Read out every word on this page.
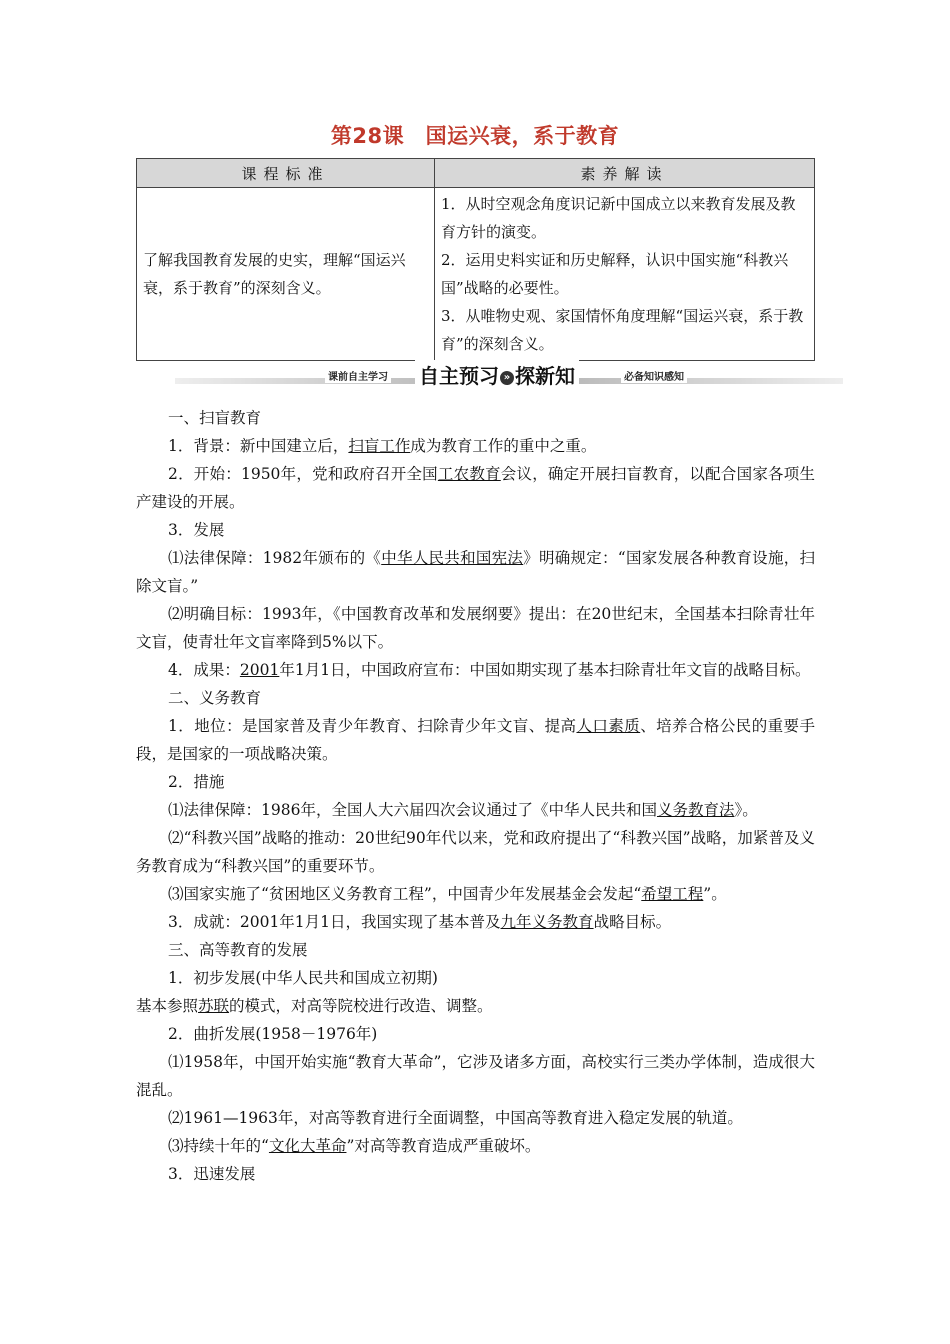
第28课　国运兴衰，系于教育
课程标准	素养解读
了解我国教育发展的史实，理解“国运兴衰，系于教育”的深刻含义。	1．从时空观念角度识记新中国成立以来教育发展及教育方针的演变。
2．运用史料实证和历史解释，认识中国实施“科教兴国”战略的必要性。
3．从唯物史观、家国情怀角度理解“国运兴衰，系于教育”的深刻含义。
课前自主学习 自主预习 » 探新知	必备知识感知

一、扫盲教育

1．背景：新中国建立后，扫盲工作成为教育工作的重中之重。

2．开始：1950年，党和政府召开全国工农教育会议，确定开展扫盲教育，以配合国家各项生产建设的开展。

3．发展

⑴法律保障：1982年颁布的《中华人民共和国宪法》明确规定：“国家发展各种教育设施，扫除文盲。”

⑵明确目标：1993年，《中国教育改革和发展纲要》提出：在20世纪末，全国基本扫除青壮年文盲，使青壮年文盲率降到5%以下。

4．成果：2001年1月1日，中国政府宣布：中国如期实现了基本扫除青壮年文盲的战略目标。

二、义务教育

1．地位：是国家普及青少年教育、扫除青少年文盲、提高人口素质、培养合格公民的重要手段，是国家的一项战略决策。

2．措施

⑴法律保障：1986年，全国人大六届四次会议通过了《中华人民共和国义务教育法》。

⑵“科教兴国”战略的推动：20世纪90年代以来，党和政府提出了“科教兴国”战略，加紧普及义务教育成为“科教兴国”的重要环节。

⑶国家实施了“贫困地区义务教育工程”，中国青少年发展基金会发起“希望工程”。

3．成就：2001年1月1日，我国实现了基本普及九年义务教育战略目标。

三、高等教育的发展

1．初步发展(中华人民共和国成立初期)

基本参照苏联的模式，对高等院校进行改造、调整。

2．曲折发展(1958－1976年)

⑴1958年，中国开始实施“教育大革命”，它涉及诸多方面，高校实行三类办学体制，造成很大混乱。

⑵1961—1963年，对高等教育进行全面调整，中国高等教育进入稳定发展的轨道。

⑶持续十年的“文化大革命”对高等教育造成严重破坏。

3．迅速发展
